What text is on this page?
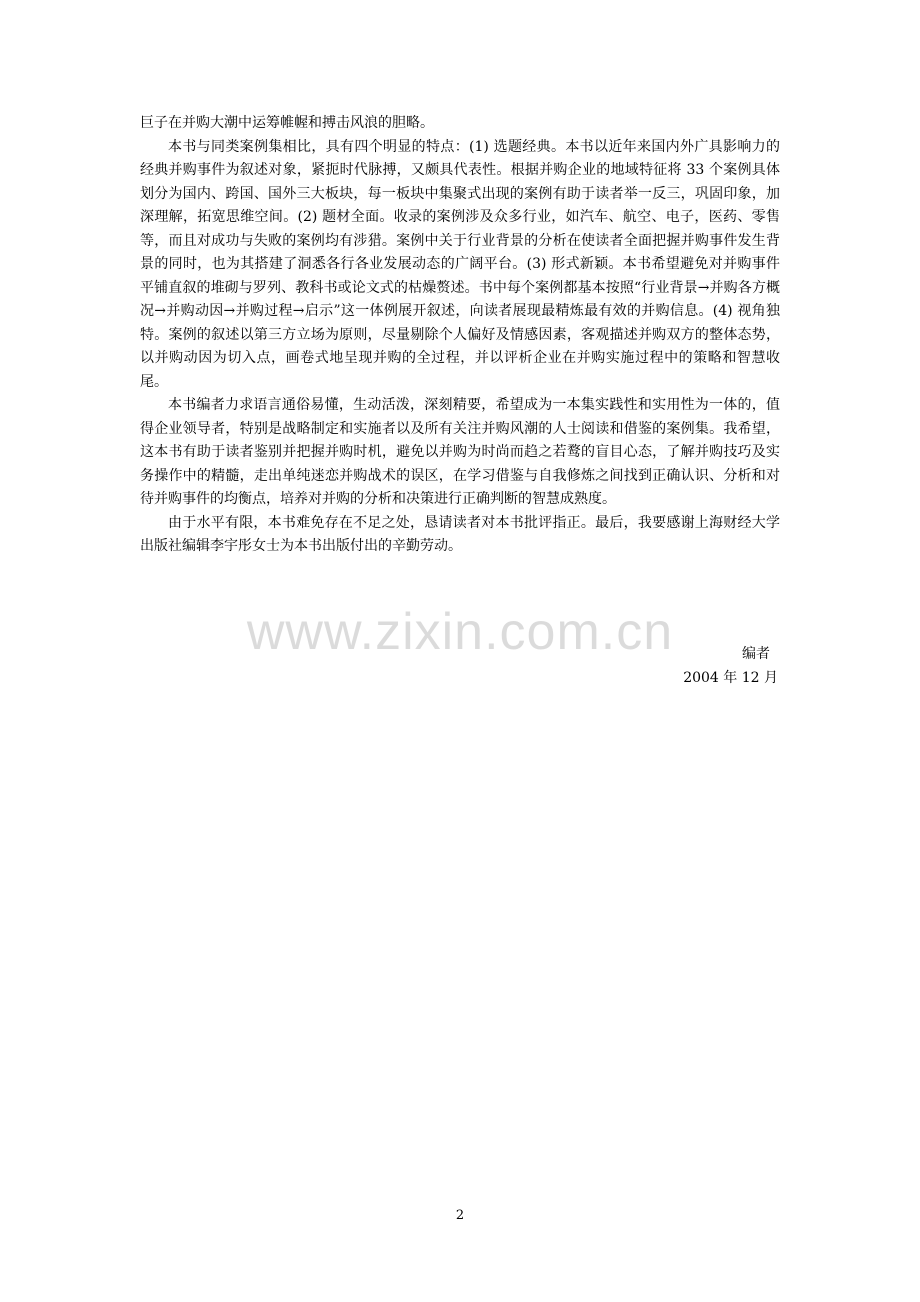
巨子在并购大潮中运筹帷幄和搏击风浪的胆略。

本书与同类案例集相比，具有四个明显的特点：(1) 选题经典。本书以近年来国内外广具影响力的经典并购事件为叙述对象，紧扼时代脉搏，又颇具代表性。根据并购企业的地域特征将 33 个案例具体划分为国内、跨国、国外三大板块，每一板块中集聚式出现的案例有助于读者举一反三，巩固印象，加深理解，拓宽思维空间。(2) 题材全面。收录的案例涉及众多行业，如汽车、航空、电子，医药、零售等，而且对成功与失败的案例均有涉猎。案例中关于行业背景的分析在使读者全面把握并购事件发生背景的同时，也为其搭建了洞悉各行各业发展动态的广阔平台。(3) 形式新颖。本书希望避免对并购事件平铺直叙的堆砌与罗列、教科书或论文式的枯燥赘述。书中每个案例都基本按照“行业背景→并购各方概况→并购动因→并购过程→启示”这一体例展开叙述，向读者展现最精炼最有效的并购信息。(4) 视角独特。案例的叙述以第三方立场为原则，尽量剔除个人偏好及情感因素，客观描述并购双方的整体态势，以并购动因为切入点，画卷式地呈现并购的全过程，并以评析企业在并购实施过程中的策略和智慧收尾。

本书编者力求语言通俗易懂，生动活泼，深刻精要，希望成为一本集实践性和实用性为一体的，值得企业领导者，特别是战略制定和实施者以及所有关注并购风潮的人士阅读和借鉴的案例集。我希望，这本书有助于读者鉴别并把握并购时机，避免以并购为时尚而趋之若鹜的盲目心态，了解并购技巧及实务操作中的精髓，走出单纯迷恋并购战术的误区，在学习借鉴与自我修炼之间找到正确认识、分析和对待并购事件的均衡点，培养对并购的分析和决策进行正确判断的智慧成熟度。

由于水平有限，本书难免存在不足之处，恳请读者对本书批评指正。最后，我要感谢上海财经大学出版社编辑李宇彤女士为本书出版付出的辛勤劳动。

www.zixin.com.cn	编者
2004 年 12 月
2
